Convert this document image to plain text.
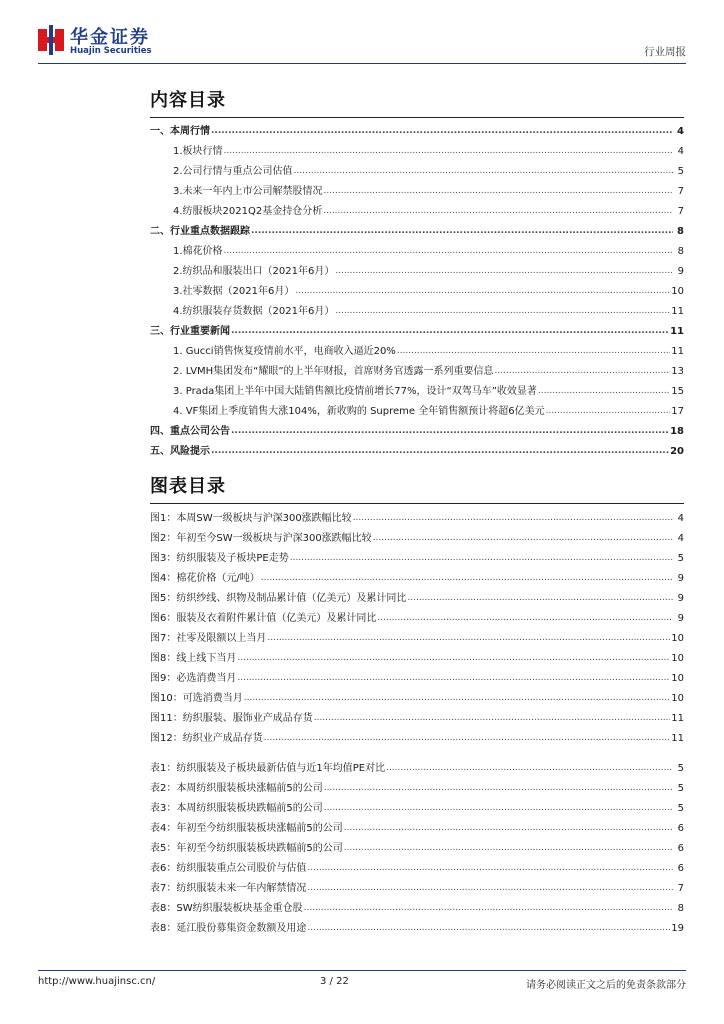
华金证券
Huajin Securities	行业周报
内容目录
一、本周行情 .....	4
1.板块行情 .....	4
2.公司行情与重点公司估值 .....	5
3.未来一年内上市公司解禁股情况 .....	7
4.纺服板块2021Q2基金持仓分析 .....	7
二、行业重点数据跟踪 .....	8
1.棉花价格 .....	8
2.纺织品和服装出口（2021年6月） .....	9
3.社零数据（2021年6月） .....	10
4.纺织服装存货数据（2021年6月） .....	11
三、行业重要新闻 .....	11
1. Gucci销售恢复疫情前水平，电商收入逼近20% .....	11
2. LVMH集团发布“耀眼”的上半年财报，首席财务官透露一系列重要信息 .....	13
3. Prada集团上半年中国大陆销售额比疫情前增长77%，设计“双驾马车”收效显著 .....	15
4. VF集团上季度销售大涨104%，新收购的 Supreme 全年销售额预计将超6亿美元 .....	17
四、重点公司公告 .....	18
五、风险提示 .....	20
图表目录
图1：本周SW一级板块与沪深300涨跌幅比较 .....	4
图2：年初至今SW一级板块与沪深300涨跌幅比较 .....	4
图3：纺织服装及子板块PE走势 .....	5
图4：棉花价格（元/吨） .....	9
图5：纺织纱线、织物及制品累计值（亿美元）及累计同比 .....	9
图6：服装及衣着附件累计值（亿美元）及累计同比 .....	9
图7：社零及限额以上当月 .....	10
图8：线上线下当月 .....	10
图9：必选消费当月 .....	10
图10：可选消费当月 .....	10
图11：纺织服装、服饰业产成品存货 .....	11
图12：纺织业产成品存货 .....	11
表1：纺织服装及子板块最新估值与近1年均值PE对比 .....	5
表2：本周纺织服装板块涨幅前5的公司 .....	5
表3：本周纺织服装板块跌幅前5的公司 .....	5
表4：年初至今纺织服装板块涨幅前5的公司 .....	6
表5：年初至今纺织服装板块跌幅前5的公司 .....	6
表6：纺织服装重点公司股价与估值 .....	6
表7：纺织服装未来一年内解禁情况 .....	7
表8：SW纺织服装板块基金重仓股 .....	8
表8：延江股份募集资金数额及用途 .....	19
http://www.huajinsc.cn/	3 / 22	请务必阅读正文之后的免责条款部分
